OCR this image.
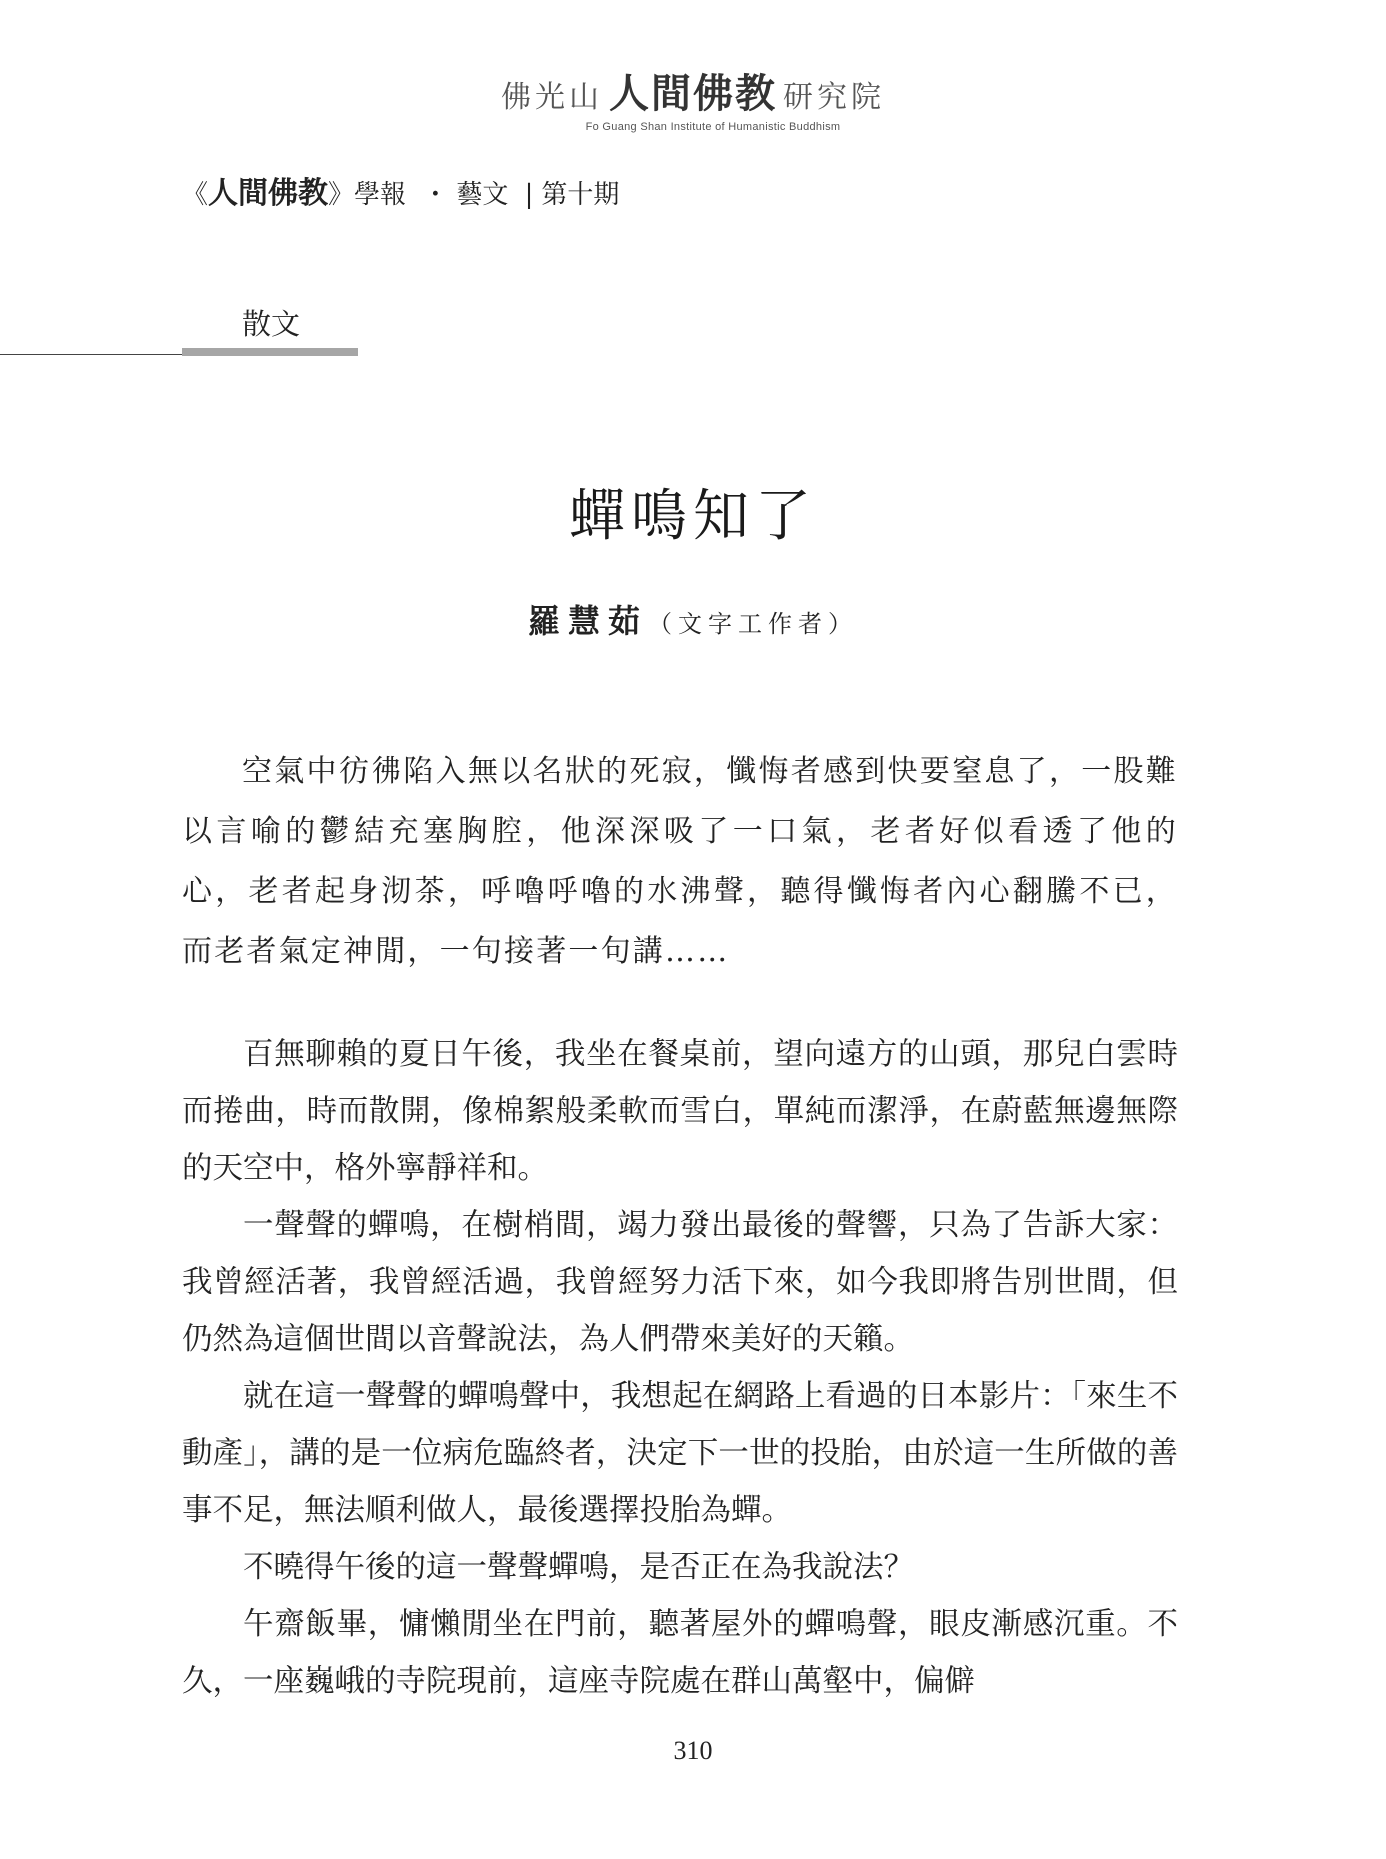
佛光山 人間佛教 研究院
Fo Guang Shan Institute of Humanistic Buddhism
《人間佛教》學報 ・ 藝文 | 第十期
散文
蟬鳴知了
羅慧茹（文字工作者）

空氣中彷彿陷入無以名狀的死寂，懺悔者感到快要窒息了，一股難以言喻的鬱結充塞胸腔，他深深吸了一口氣，老者好似看透了他的心，老者起身沏茶，呼嚕呼嚕的水沸聲，聽得懺悔者內心翻騰不已，而老者氣定神閒，一句接著一句講……

百無聊賴的夏日午後，我坐在餐桌前，望向遠方的山頭，那兒白雲時而捲曲，時而散開，像棉絮般柔軟而雪白，單純而潔淨，在蔚藍無邊無際的天空中，格外寧靜祥和。

一聲聲的蟬鳴，在樹梢間，竭力發出最後的聲響，只為了告訴大家：我曾經活著，我曾經活過，我曾經努力活下來，如今我即將告別世間，但仍然為這個世間以音聲說法，為人們帶來美好的天籟。

就在這一聲聲的蟬鳴聲中，我想起在網路上看過的日本影片：「來生不動產」，講的是一位病危臨終者，決定下一世的投胎，由於這一生所做的善事不足，無法順利做人，最後選擇投胎為蟬。

不曉得午後的這一聲聲蟬鳴，是否正在為我說法？

午齋飯畢，慵懶閒坐在門前，聽著屋外的蟬鳴聲，眼皮漸感沉重。不久，一座巍峨的寺院現前，這座寺院處在群山萬壑中，偏僻

310
